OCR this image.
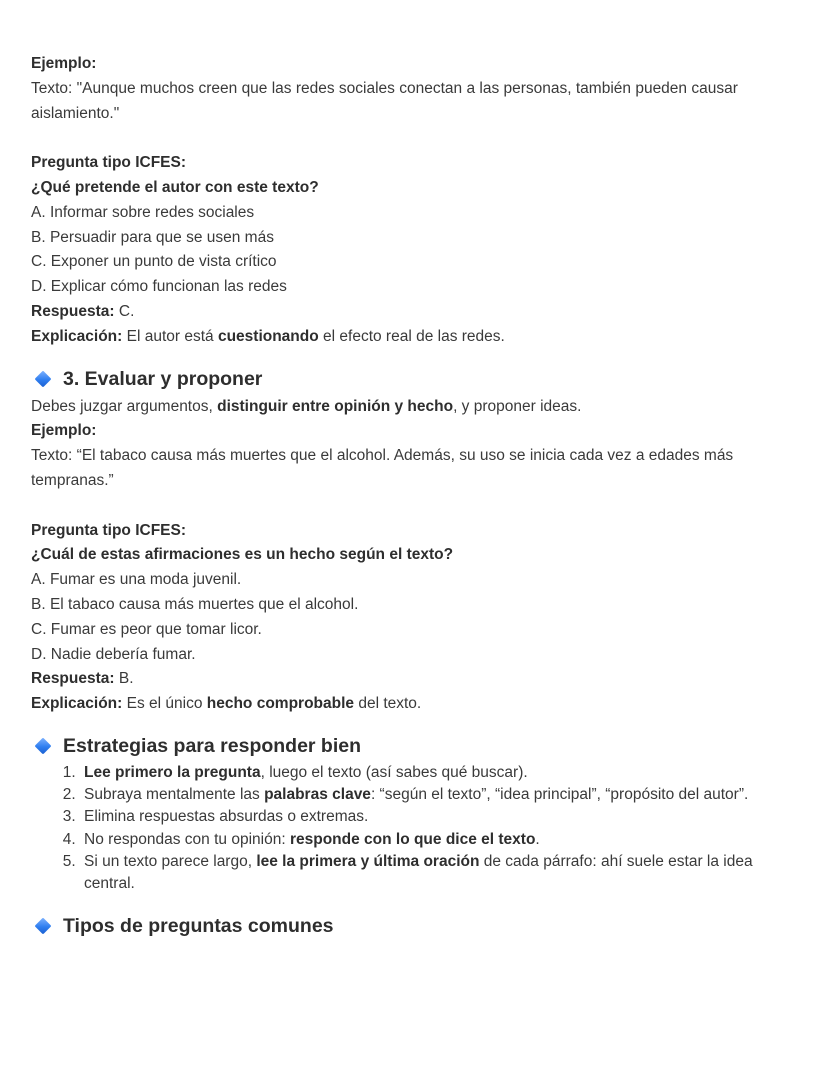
Ejemplo:

Texto: "Aunque muchos creen que las redes sociales conectan a las personas, también pueden causar aislamiento."

Pregunta tipo ICFES:

¿Qué pretende el autor con este texto?

A. Informar sobre redes sociales

B. Persuadir para que se usen más

C. Exponer un punto de vista crítico

D. Explicar cómo funcionan las redes

Respuesta: C.

Explicación: El autor está cuestionando el efecto real de las redes.

3. Evaluar y proponer

Debes juzgar argumentos, distinguir entre opinión y hecho, y proponer ideas.

Ejemplo:

Texto: “El tabaco causa más muertes que el alcohol. Además, su uso se inicia cada vez a edades más tempranas.”

Pregunta tipo ICFES:

¿Cuál de estas afirmaciones es un hecho según el texto?

A. Fumar es una moda juvenil.

B. El tabaco causa más muertes que el alcohol.

C. Fumar es peor que tomar licor.

D. Nadie debería fumar.

Respuesta: B.

Explicación: Es el único hecho comprobable del texto.

Estrategias para responder bien
1. Lee primero la pregunta, luego el texto (así sabes qué buscar).
2. Subraya mentalmente las palabras clave: “según el texto”, “idea principal”, “propósito del autor”.
3. Elimina respuestas absurdas o extremas.
4. No respondas con tu opinión: responde con lo que dice el texto.
5. Si un texto parece largo, lee la primera y última oración de cada párrafo: ahí suele estar la idea central.
Tipos de preguntas comunes
